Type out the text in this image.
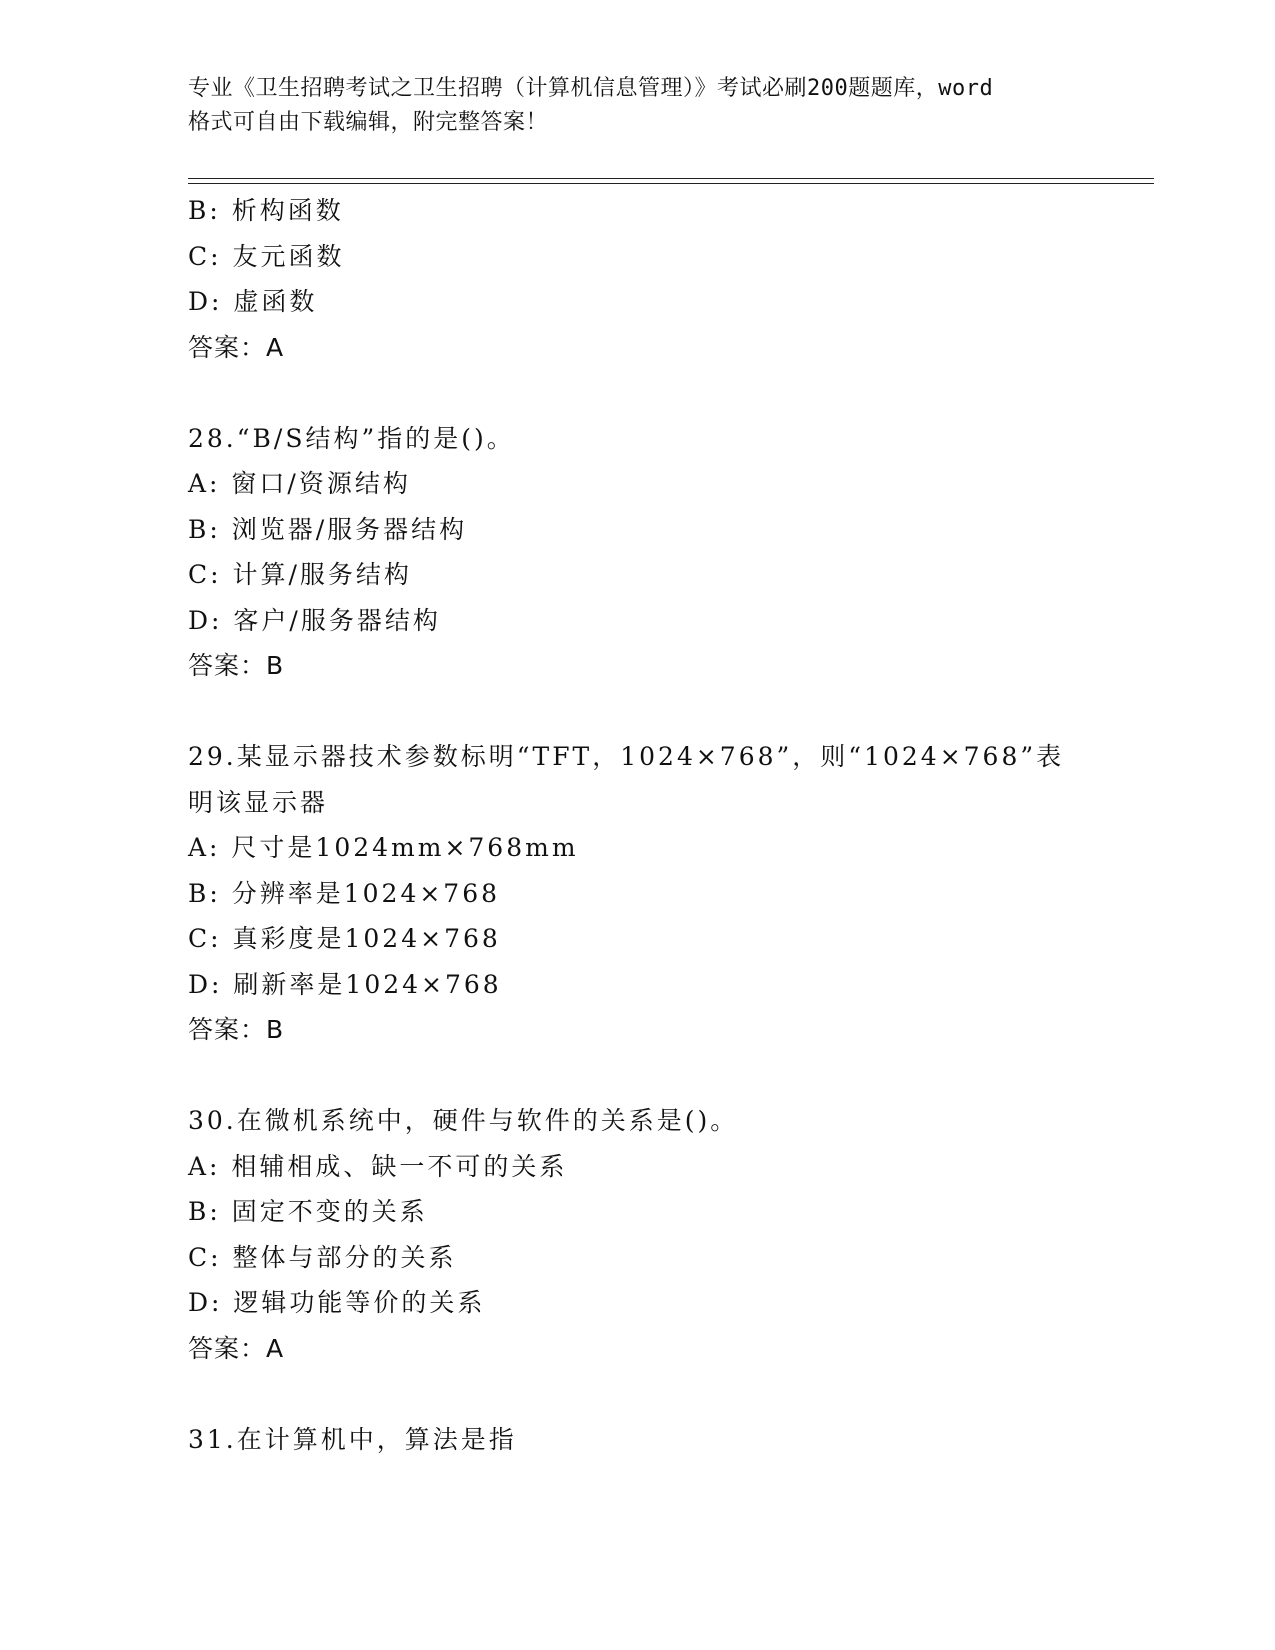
专业《卫生招聘考试之卫生招聘（计算机信息管理）》考试必刷200题题库，word
格式可自由下载编辑，附完整答案！
B: 析构函数
C: 友元函数
D: 虚函数
答案：A
28.“B/S结构”指的是()。
A: 窗口/资源结构
B: 浏览器/服务器结构
C: 计算/服务结构
D: 客户/服务器结构
答案：B
29.某显示器技术参数标明“TFT，1024×768”，则“1024×768”表
明该显示器
A: 尺寸是1024mm×768mm
B: 分辨率是1024×768
C: 真彩度是1024×768
D: 刷新率是1024×768
答案：B
30.在微机系统中，硬件与软件的关系是()。
A: 相辅相成、缺一不可的关系
B: 固定不变的关系
C: 整体与部分的关系
D: 逻辑功能等价的关系
答案：A
31.在计算机中，算法是指
